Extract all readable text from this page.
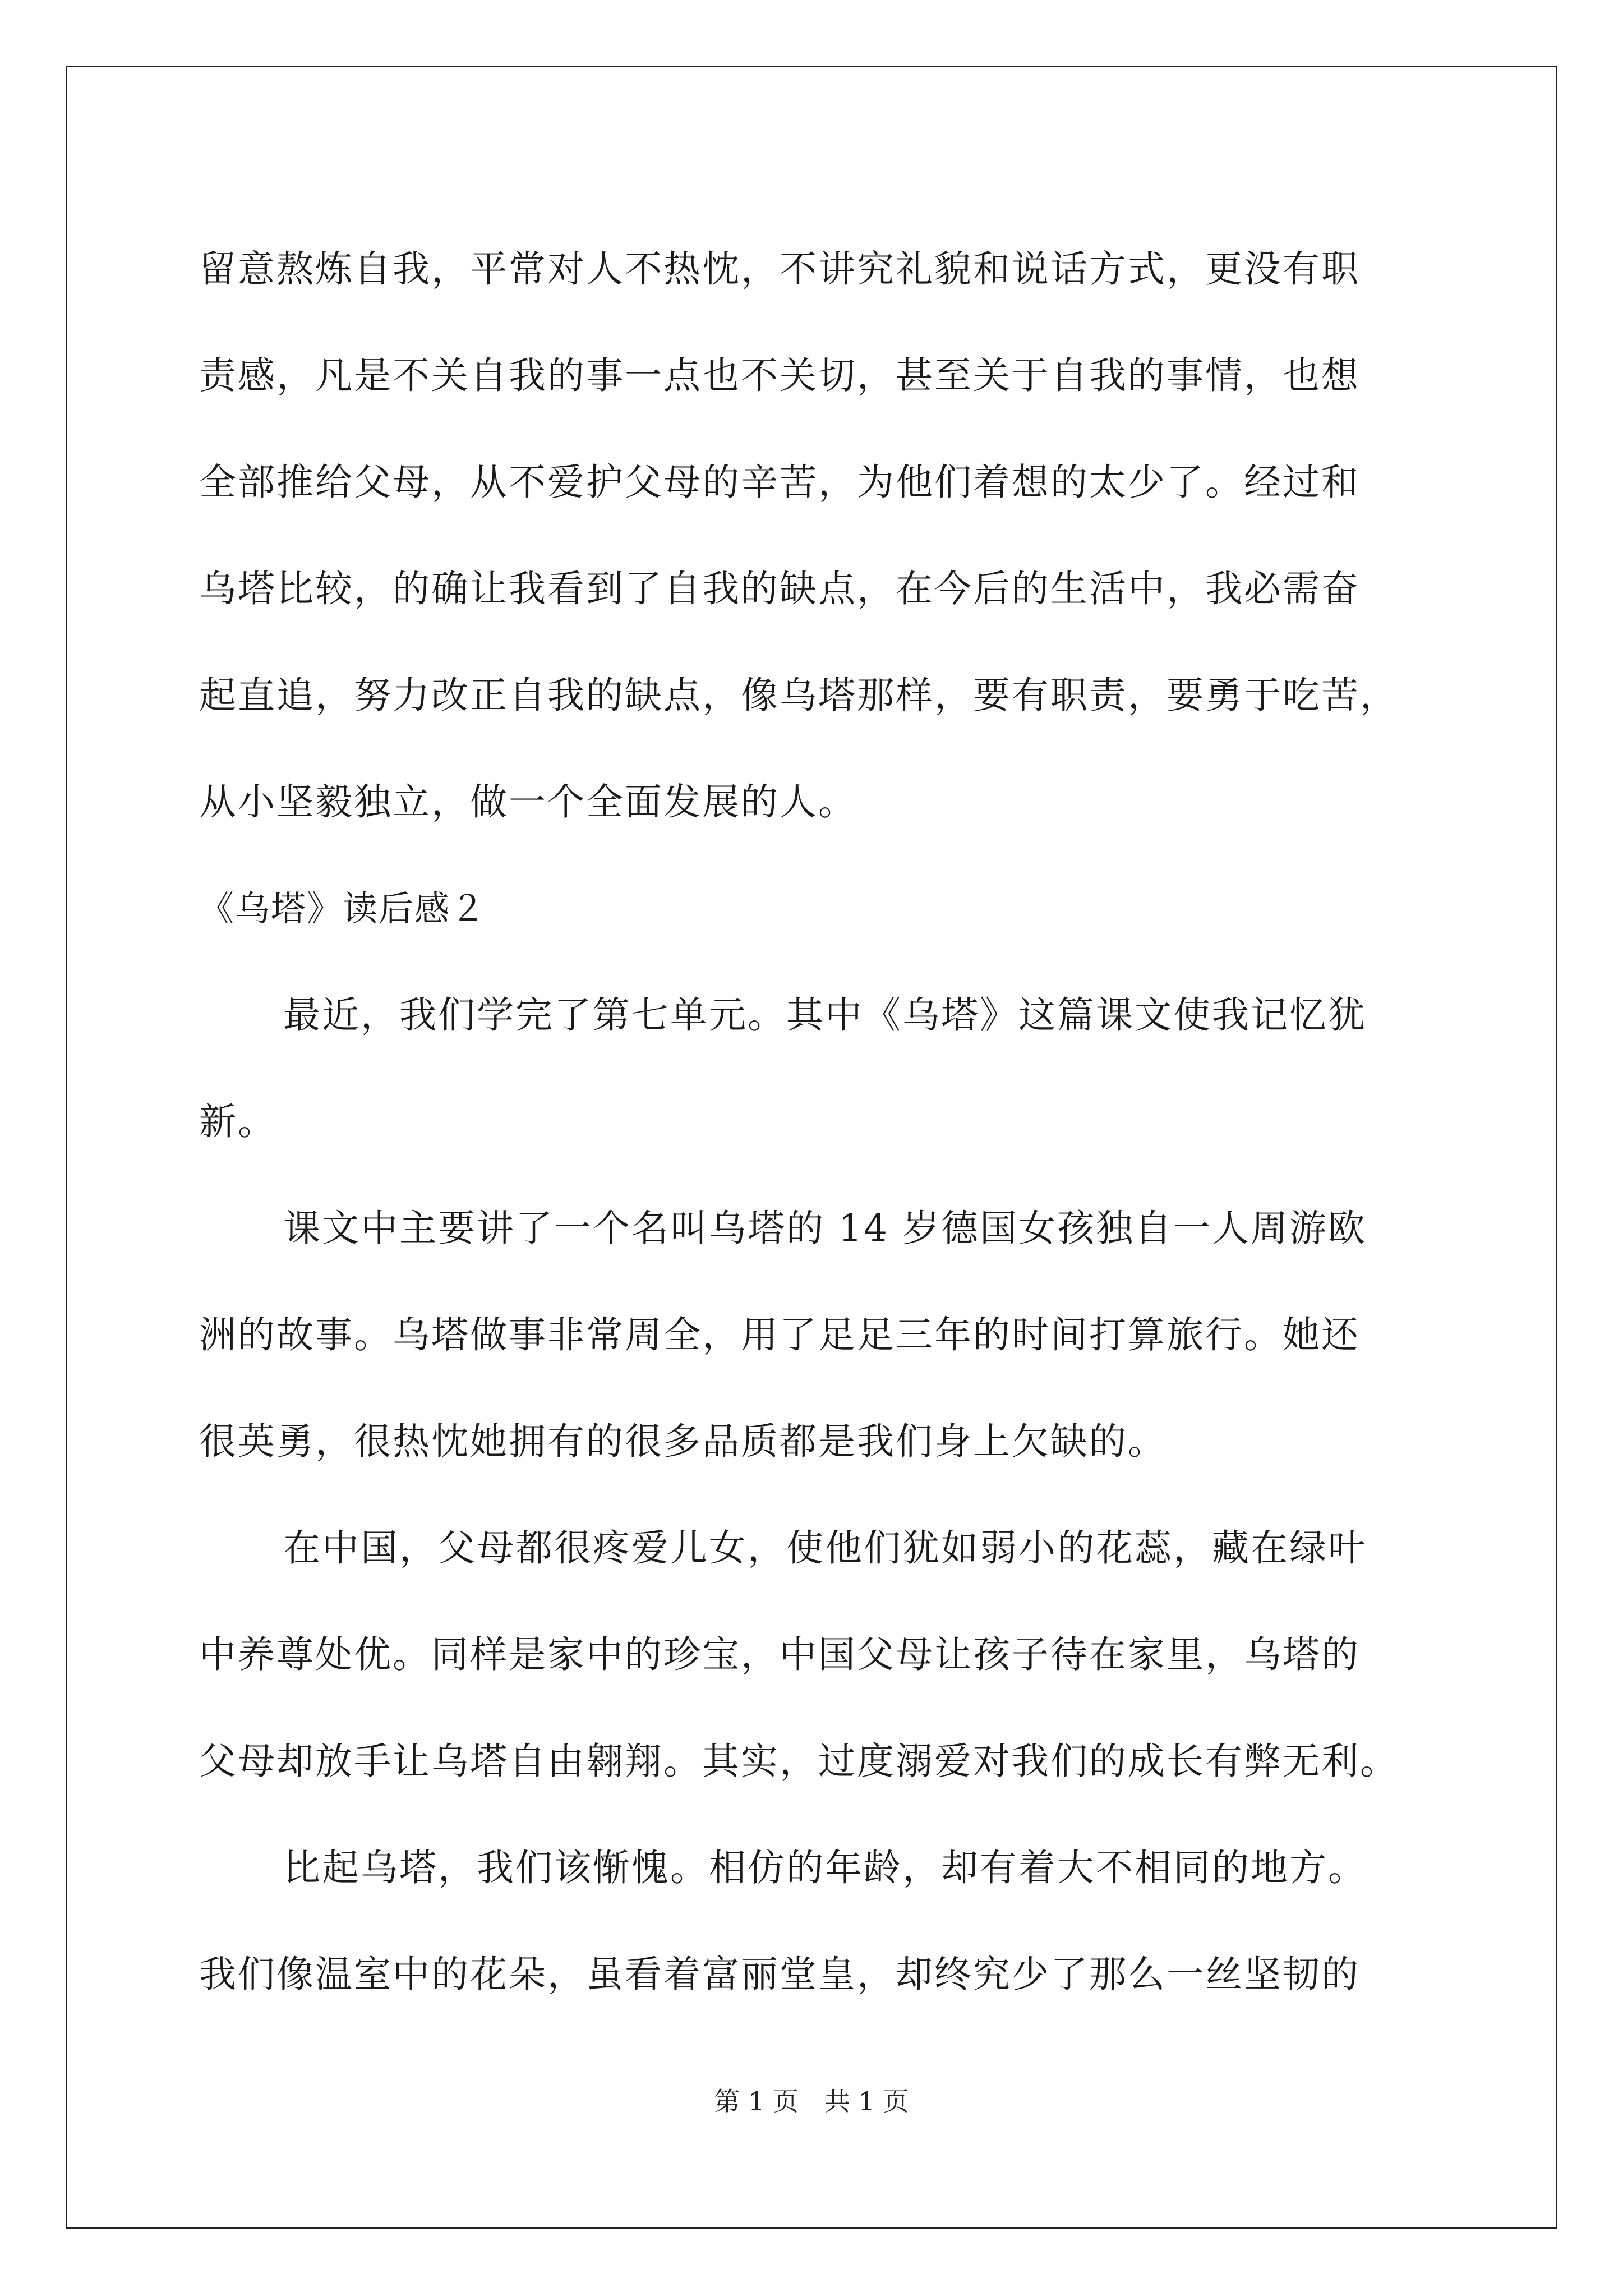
留意熬炼自我，平常对人不热忱，不讲究礼貌和说话方式，更没有职
责感，凡是不关自我的事一点也不关切，甚至关于自我的事情，也想
全部推给父母，从不爱护父母的辛苦，为他们着想的太少了。经过和
乌塔比较，的确让我看到了自我的缺点，在今后的生活中，我必需奋
起直追，努力改正自我的缺点，像乌塔那样，要有职责，要勇于吃苦，
从小坚毅独立，做一个全面发展的人。
《乌塔》读后感２
最近，我们学完了第七单元。其中《乌塔》这篇课文使我记忆犹
新。
课文中主要讲了一个名叫乌塔的 14 岁德国女孩独自一人周游欧
洲的故事。乌塔做事非常周全，用了足足三年的时间打算旅行。她还
很英勇，很热忱她拥有的很多品质都是我们身上欠缺的。
在中国，父母都很疼爱儿女，使他们犹如弱小的花蕊，藏在绿叶
中养尊处优。同样是家中的珍宝，中国父母让孩子待在家里，乌塔的
父母却放手让乌塔自由翱翔。其实，过度溺爱对我们的成长有弊无利。
比起乌塔，我们该惭愧。相仿的年龄，却有着大不相同的地方。
我们像温室中的花朵，虽看着富丽堂皇，却终究少了那么一丝坚韧的
第 1 页　共 1 页
